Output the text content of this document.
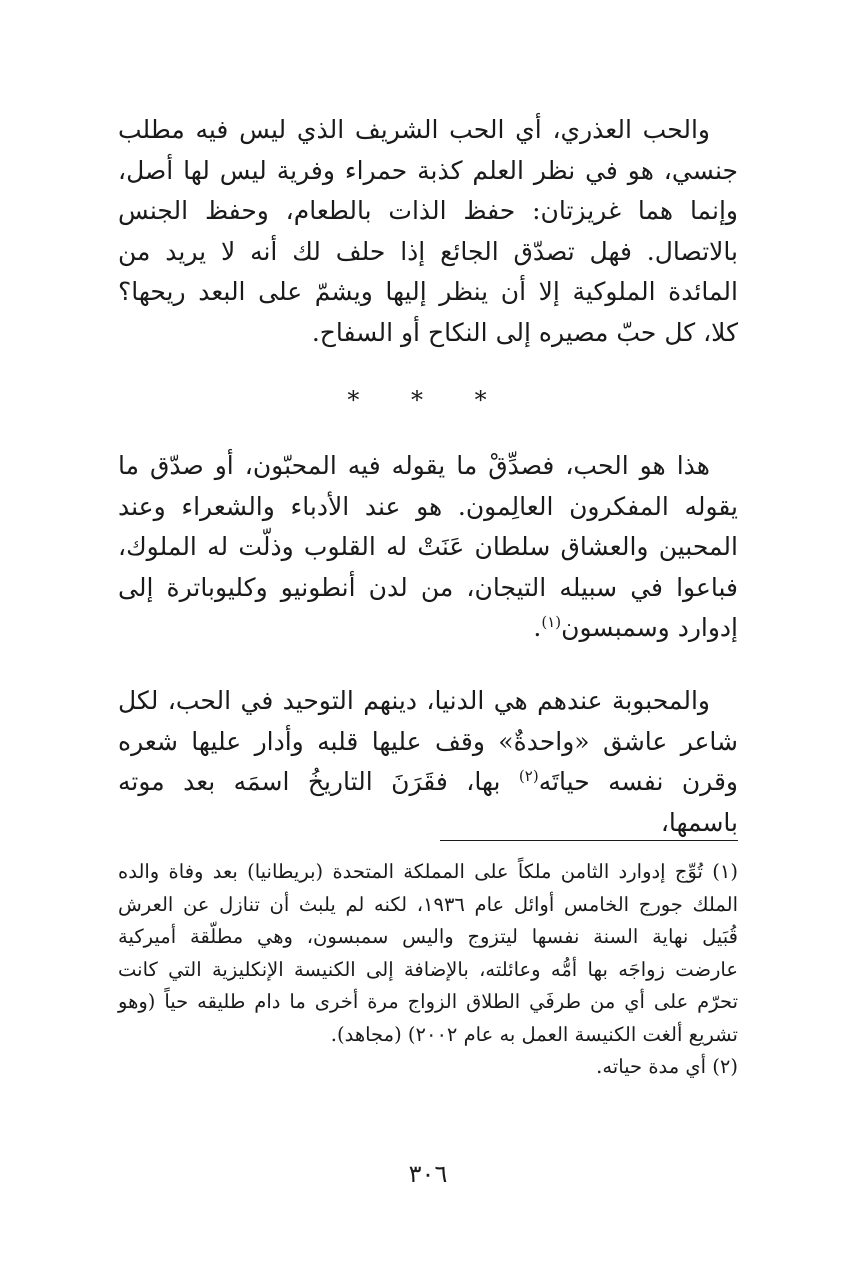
والحب العذري، أي الحب الشريف الذي ليس فيه مطلب جنسي، هو في نظر العلم كذبة حمراء وفرية ليس لها أصل، وإنما هما غريزتان: حفظ الذات بالطعام، وحفظ الجنس بالاتصال. فهل تصدّق الجائع إذا حلف لك أنه لا يريد من المائدة الملوكية إلا أن ينظر إليها ويشمّ على البعد ريحها؟ كلا، كل حبّ مصيره إلى النكاح أو السفاح.

* * *

هذا هو الحب، فصدِّقْ ما يقوله فيه المحبّون، أو صدّق ما يقوله المفكرون العالِمون. هو عند الأدباء والشعراء وعند المحبين والعشاق سلطان عَنَتْ له القلوب وذلّت له الملوك، فباعوا في سبيله التيجان، من لدن أنطونيو وكليوباترة إلى إدوارد وسمبسون$^{(١)}$.

والمحبوبة عندهم هي الدنيا، دينهم التوحيد في الحب، لكل شاعر عاشق «واحدةٌ» وقف عليها قلبه وأدار عليها شعره وقرن نفسه حياتَه$^{(٢)}$ بها، فقَرَنَ التاريخُ اسمَه بعد موته باسمها،

(١) تُوِّج إدوارد الثامن ملكاً على المملكة المتحدة (بريطانيا) بعد وفاة والده الملك جورج الخامس أوائل عام ١٩٣٦، لكنه لم يلبث أن تنازل عن العرش قُبَيل نهاية السنة نفسها ليتزوج واليس سمبسون، وهي مطلّقة أميركية عارضت زواجَه بها أمُّه وعائلته، بالإضافة إلى الكنيسة الإنكليزية التي كانت تحرّم على أي من طرفَي الطلاق الزواج مرة أخرى ما دام طليقه حياً (وهو تشريع ألغت الكنيسة العمل به عام ٢٠٠٢) (مجاهد).

(٢) أي مدة حياته.

٣٠٦
